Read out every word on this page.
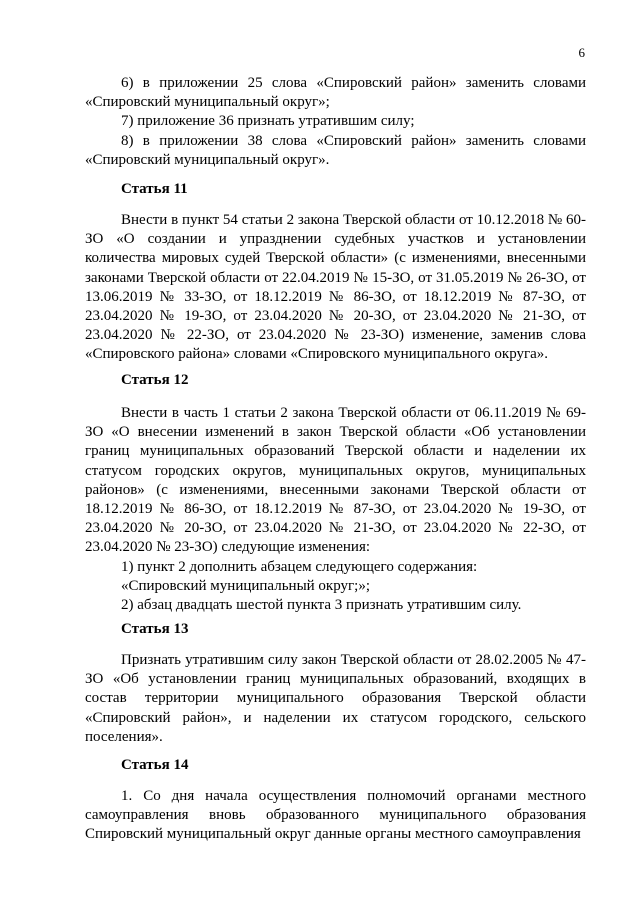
6

6) в приложении 25 слова «Спировский район» заменить словами «Спировский муниципальный округ»;

7) приложение 36 признать утратившим силу;

8) в приложении 38 слова «Спировский район» заменить словами «Спировский муниципальный округ».

Статья 11

Внести в пункт 54 статьи 2 закона Тверской области от 10.12.2018 № 60-ЗО «О создании и упразднении судебных участков и установлении количества мировых судей Тверской области» (с изменениями, внесенными законами Тверской области от 22.04.2019 № 15-ЗО, от 31.05.2019 № 26-ЗО, от 13.06.2019 № 33-ЗО, от 18.12.2019 № 86-ЗО, от 18.12.2019 № 87-ЗО, от 23.04.2020 № 19-ЗО, от 23.04.2020 № 20-ЗО, от 23.04.2020 № 21-ЗО, от 23.04.2020 № 22-ЗО, от 23.04.2020 № 23-ЗО) изменение, заменив слова «Спировского района» словами «Спировского муниципального округа».

Статья 12

Внести в часть 1 статьи 2 закона Тверской области от 06.11.2019 № 69-ЗО «О внесении изменений в закон Тверской области «Об установлении границ муниципальных образований Тверской области и наделении их статусом городских округов, муниципальных округов, муниципальных районов» (с изменениями, внесенными законами Тверской области от 18.12.2019 № 86-ЗО, от 18.12.2019 № 87-ЗО, от 23.04.2020 № 19-ЗО, от 23.04.2020 № 20-ЗО, от 23.04.2020 № 21-ЗО, от 23.04.2020 № 22-ЗО, от 23.04.2020 № 23-ЗО) следующие изменения:

1) пункт 2 дополнить абзацем следующего содержания:

«Спировский муниципальный округ;»;

2) абзац двадцать шестой пункта 3 признать утратившим силу.

Статья 13

Признать утратившим силу закон Тверской области от 28.02.2005 № 47-ЗО «Об установлении границ муниципальных образований, входящих в состав территории муниципального образования Тверской области «Спировский район», и наделении их статусом городского, сельского поселения».

Статья 14

1. Со дня начала осуществления полномочий органами местного самоуправления вновь образованного муниципального образования Спировский муниципальный округ данные органы местного самоуправления
